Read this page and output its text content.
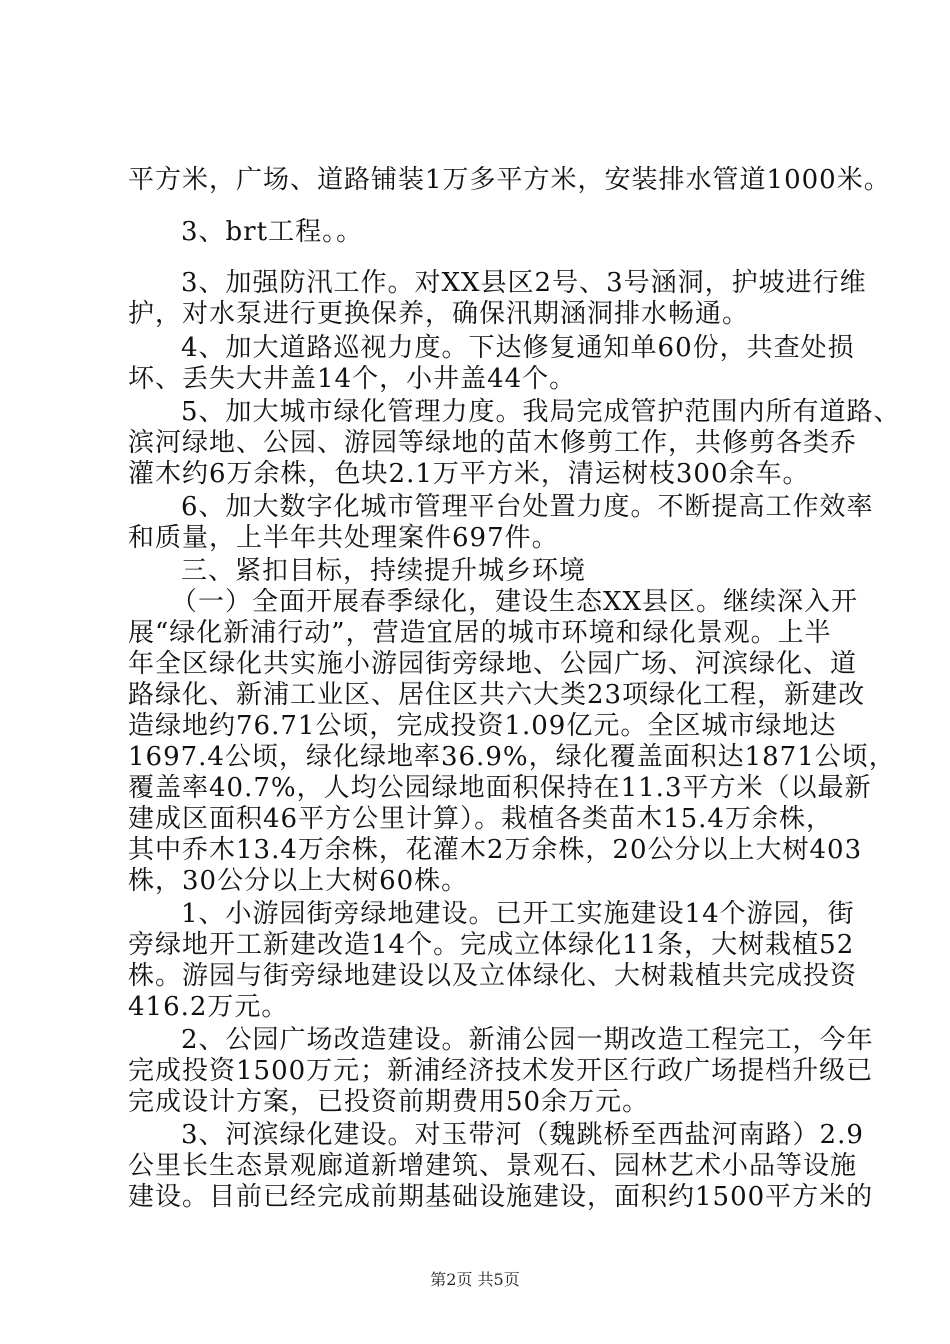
平方米，广场、道路铺装1万多平方米，安装排水管道1000米。
3、brt工程。。
3、加强防汛工作。对XX县区2号、3号涵洞，护坡进行维
护，对水泵进行更换保养，确保汛期涵洞排水畅通。
4、加大道路巡视力度。下达修复通知单60份，共查处损
坏、丢失大井盖14个，小井盖44个。
5、加大城市绿化管理力度。我局完成管护范围内所有道路、
滨河绿地、公园、游园等绿地的苗木修剪工作，共修剪各类乔
灌木约6万余株，色块2.1万平方米，清运树枝300余车。
6、加大数字化城市管理平台处置力度。不断提高工作效率
和质量，上半年共处理案件697件。
三、紧扣目标，持续提升城乡环境
（一）全面开展春季绿化，建设生态XX县区。继续深入开
展“绿化新浦行动”，营造宜居的城市环境和绿化景观。上半
年全区绿化共实施小游园街旁绿地、公园广场、河滨绿化、道
路绿化、新浦工业区、居住区共六大类23项绿化工程，新建改
造绿地约76.71公顷，完成投资1.09亿元。全区城市绿地达
1697.4公顷，绿化绿地率36.9%，绿化覆盖面积达1871公顷，
覆盖率40.7%，人均公园绿地面积保持在11.3平方米（以最新
建成区面积46平方公里计算）。栽植各类苗木15.4万余株，
其中乔木13.4万余株，花灌木2万余株，20公分以上大树403
株，30公分以上大树60株。
1、小游园街旁绿地建设。已开工实施建设14个游园，街
旁绿地开工新建改造14个。完成立体绿化11条，大树栽植52
株。游园与街旁绿地建设以及立体绿化、大树栽植共完成投资
416.2万元。
2、公园广场改造建设。新浦公园一期改造工程完工，今年
完成投资1500万元；新浦经济技术发开区行政广场提档升级已
完成设计方案，已投资前期费用50余万元。
3、河滨绿化建设。对玉带河（魏跳桥至西盐河南路）2.9
公里长生态景观廊道新增建筑、景观石、园林艺术小品等设施
建设。目前已经完成前期基础设施建设，面积约1500平方米的
第2页 共5页
